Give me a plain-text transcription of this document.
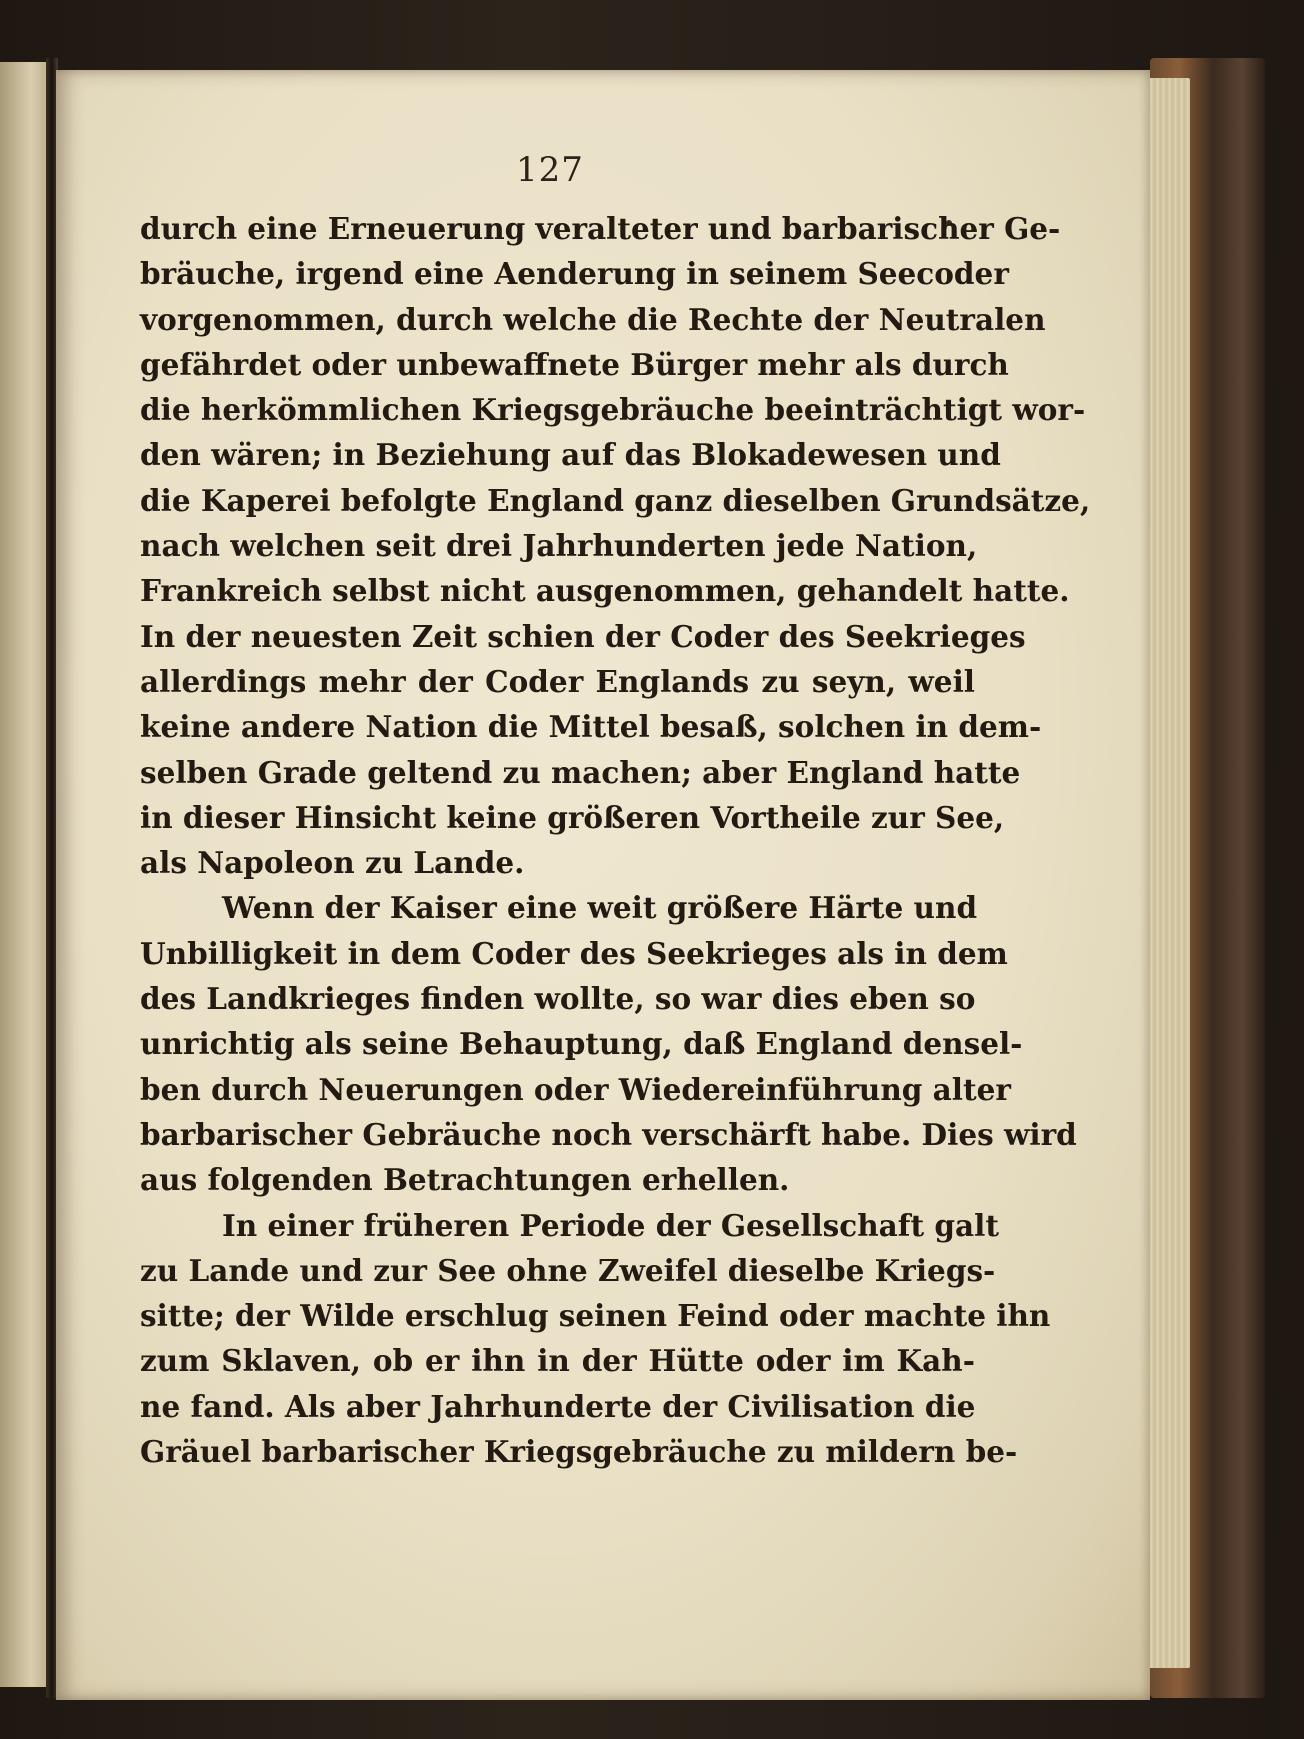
127
durch eine Erneuerung veralteter und barbarischer Ge-
bräuche, irgend eine Aenderung in seinem Seecoder
vorgenommen, durch welche die Rechte der Neutralen
gefährdet oder unbewaffnete Bürger mehr als durch
die herkömmlichen Kriegsgebräuche beeinträchtigt wor-
den wären; in Beziehung auf das Blokadewesen und
die Kaperei befolgte England ganz dieselben Grundsätze,
nach welchen seit drei Jahrhunderten jede Nation,
Frankreich selbst nicht ausgenommen, gehandelt hatte.
In der neuesten Zeit schien der Coder des Seekrieges
allerdings mehr der Coder Englands zu seyn, weil
keine andere Nation die Mittel besaß, solchen in dem-
selben Grade geltend zu machen; aber England hatte
in dieser Hinsicht keine größeren Vortheile zur See,
als Napoleon zu Lande.
Wenn der Kaiser eine weit größere Härte und
Unbilligkeit in dem Coder des Seekrieges als in dem
des Landkrieges finden wollte, so war dies eben so
unrichtig als seine Behauptung, daß England densel-
ben durch Neuerungen oder Wiedereinführung alter
barbarischer Gebräuche noch verschärft habe. Dies wird
aus folgenden Betrachtungen erhellen.
In einer früheren Periode der Gesellschaft galt
zu Lande und zur See ohne Zweifel dieselbe Kriegs-
sitte; der Wilde erschlug seinen Feind oder machte ihn
zum Sklaven, ob er ihn in der Hütte oder im Kah-
ne fand. Als aber Jahrhunderte der Civilisation die
Gräuel barbarischer Kriegsgebräuche zu mildern be-
